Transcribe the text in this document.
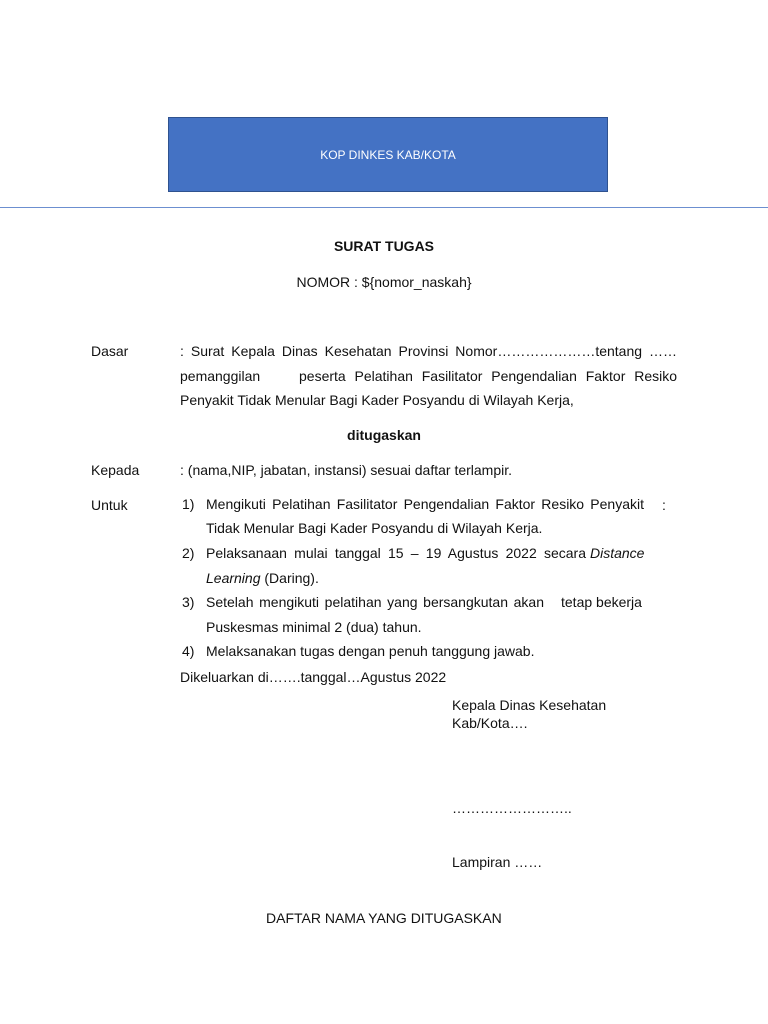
KOP DINKES KAB/KOTA
SURAT TUGAS
NOMOR : ${nomor_naskah}
Dasar	: Surat Kepala Dinas Kesehatan Provinsi Nomor…………………tentang ……
pemanggilan	peserta Pelatihan Fasilitator Pengendalian Faktor Resiko
Penyakit Tidak Menular Bagi Kader Posyandu di Wilayah Kerja,
ditugaskan
Kepada	: (nama,NIP, jabatan, instansi) sesuai daftar terlampir.
Untuk	:
1) Mengikuti Pelatihan Fasilitator Pengendalian Faktor Resiko Penyakit
Tidak Menular Bagi Kader Posyandu di Wilayah Kerja.
2) Pelaksanaan mulai tanggal 15 – 19 Agustus 2022 secara Distance
Learning (Daring).
3) Setelah mengikuti pelatihan yang bersangkutan akan tetap bekerja
Puskesmas minimal 2 (dua) tahun.
4) Melaksanakan tugas dengan penuh tanggung jawab.
Dikeluarkan di…….tanggal…Agustus 2022
Kepala Dinas Kesehatan
Kab/Kota….
……………………..
Lampiran ……
DAFTAR NAMA YANG DITUGASKAN
